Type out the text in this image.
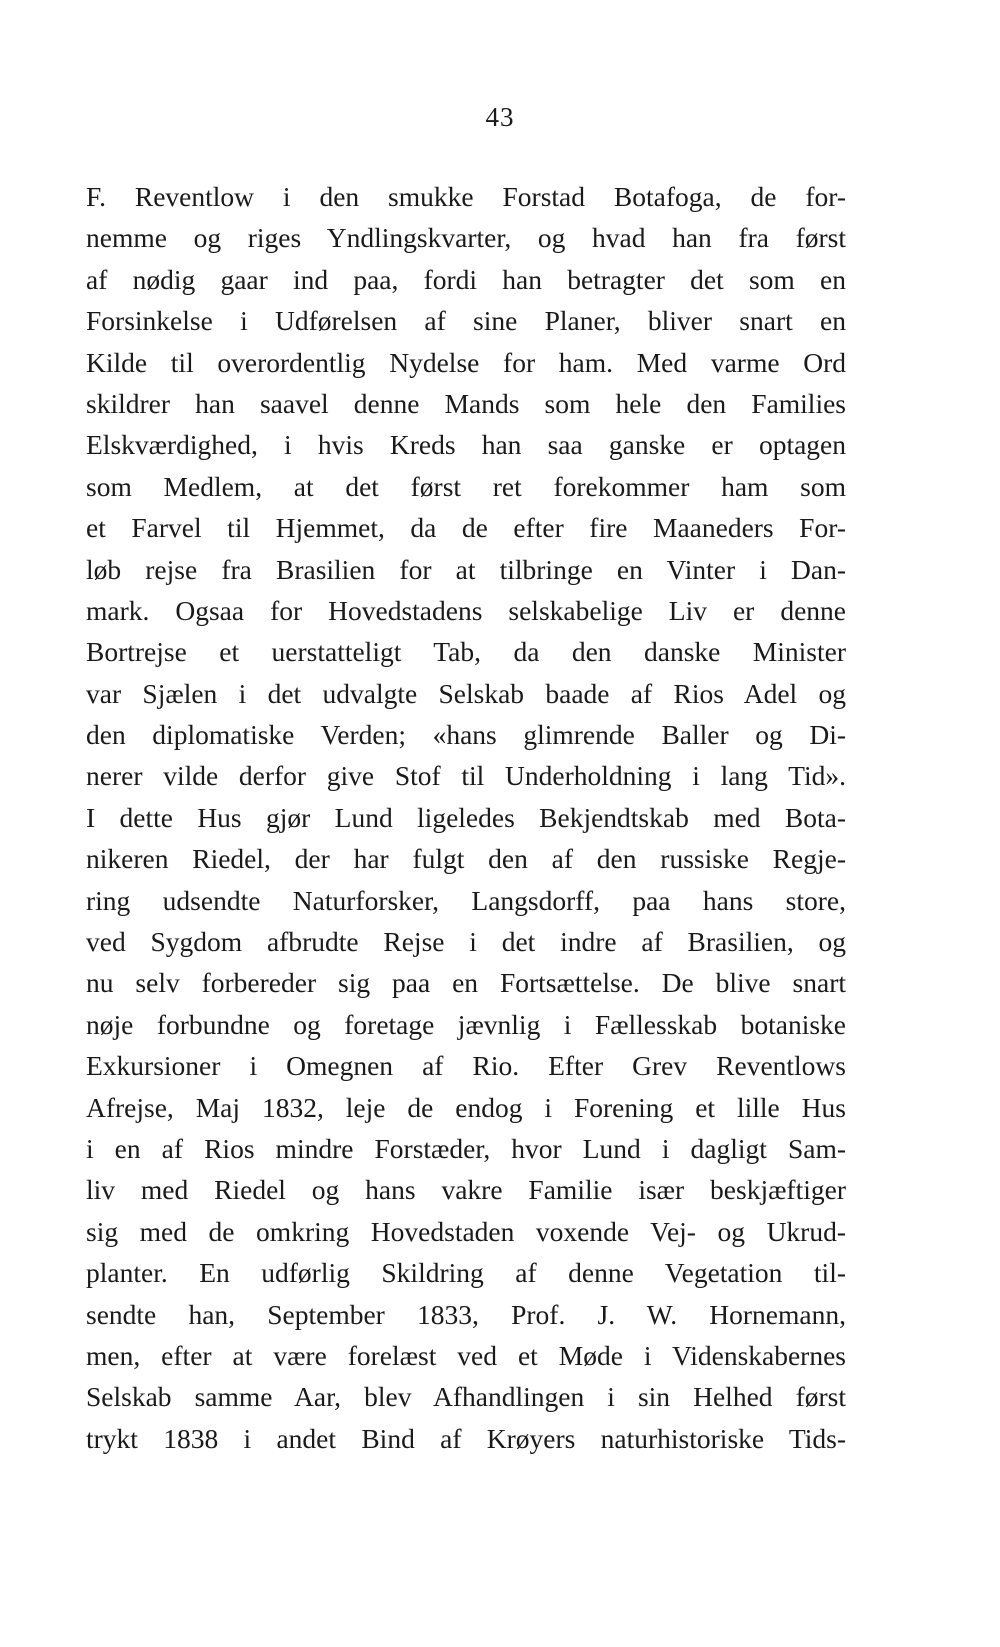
43
F. Reventlow i den smukke Forstad Botafoga, de for-
nemme og riges Yndlingskvarter, og hvad han fra først
af nødig gaar ind paa, fordi han betragter det som en
Forsinkelse i Udførelsen af sine Planer, bliver snart en
Kilde til overordentlig Nydelse for ham. Med varme Ord
skildrer han saavel denne Mands som hele den Families
Elskværdighed, i hvis Kreds han saa ganske er optagen
som Medlem, at det først ret forekommer ham som
et Farvel til Hjemmet, da de efter fire Maaneders For-
løb rejse fra Brasilien for at tilbringe en Vinter i Dan-
mark. Ogsaa for Hovedstadens selskabelige Liv er denne
Bortrejse et uerstatteligt Tab, da den danske Minister
var Sjælen i det udvalgte Selskab baade af Rios Adel og
den diplomatiske Verden; «hans glimrende Baller og Di-
nerer vilde derfor give Stof til Underholdning i lang Tid».
I dette Hus gjør Lund ligeledes Bekjendtskab med Bota-
nikeren Riedel, der har fulgt den af den russiske Regje-
ring udsendte Naturforsker, Langsdorff, paa hans store,
ved Sygdom afbrudte Rejse i det indre af Brasilien, og
nu selv forbereder sig paa en Fortsættelse. De blive snart
nøje forbundne og foretage jævnlig i Fællesskab botaniske
Exkursioner i Omegnen af Rio. Efter Grev Reventlows
Afrejse, Maj 1832, leje de endog i Forening et lille Hus
i en af Rios mindre Forstæder, hvor Lund i dagligt Sam-
liv med Riedel og hans vakre Familie især beskjæftiger
sig med de omkring Hovedstaden voxende Vej- og Ukrud-
planter. En udførlig Skildring af denne Vegetation til-
sendte han, September 1833, Prof. J. W. Hornemann,
men, efter at være forelæst ved et Møde i Videnskabernes
Selskab samme Aar, blev Afhandlingen i sin Helhed først
trykt 1838 i andet Bind af Krøyers naturhistoriske Tids-
